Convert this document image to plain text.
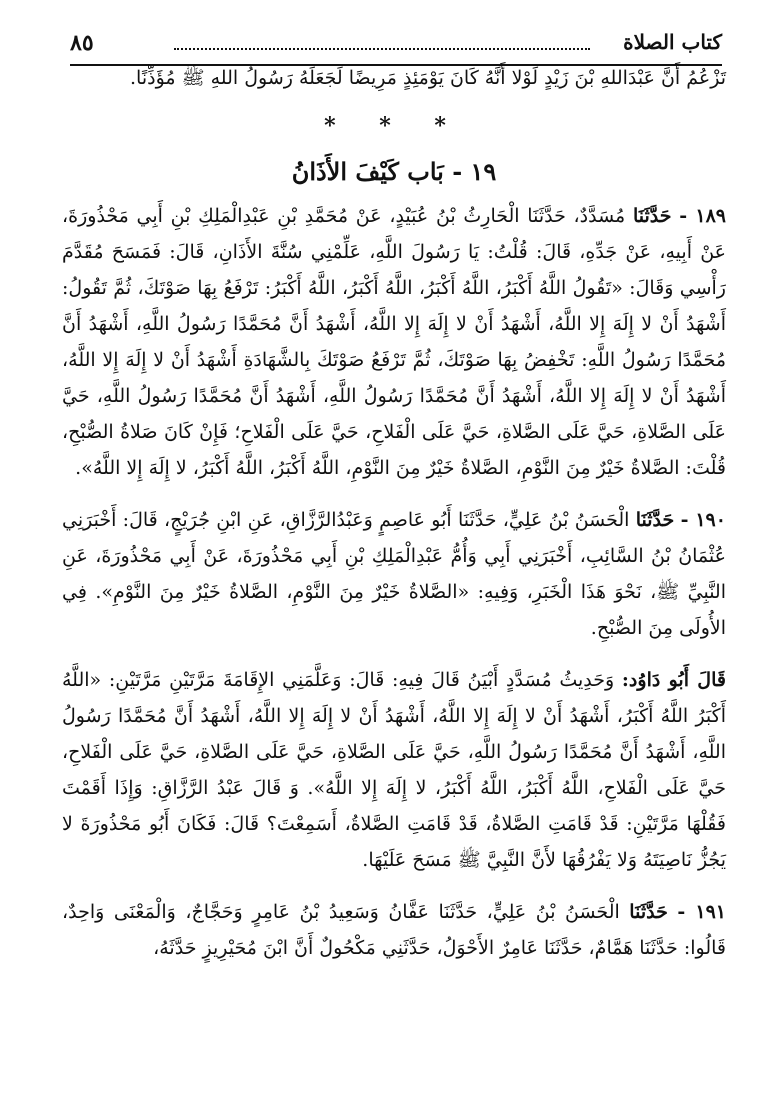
كتاب الصلاة
٨٥

تَزْعُمُ أَنَّ عَبْدَاللهِ بْنَ زَيْدٍ لَوْلا أَنَّهُ كَانَ يَوْمَئِذٍ مَرِيضًا لَجَعَلَهُ رَسُولُ اللهِ ﷺ مُؤَذِّنًا.

* * *
١٩ - بَاب كَيْفَ الأَذَانُ

١٨٩ - حَدَّثَنَا مُسَدَّدٌ، حَدَّثَنَا الْحَارِثُ بْنُ عُبَيْدٍ، عَنْ مُحَمَّدِ بْنِ عَبْدِالْمَلِكِ بْنِ أَبِي مَحْذُورَةَ، عَنْ أَبِيهِ، عَنْ جَدِّهِ، قَالَ: قُلْتُ: يَا رَسُولَ اللَّهِ، عَلِّمْنِي سُنَّةَ الأَذَانِ، قَالَ: فَمَسَحَ مُقَدَّمَ رَأْسِي وَقَالَ: «تَقُولُ اللَّهُ أَكْبَرُ، اللَّهُ أَكْبَرُ، اللَّهُ أَكْبَرُ، اللَّهُ أَكْبَرُ: تَرْفَعُ بِهَا صَوْتَكَ، ثُمَّ تَقُولُ: أَشْهَدُ أَنْ لا إِلَهَ إِلا اللَّهُ، أَشْهَدُ أَنْ لا إِلَهَ إِلا اللَّهُ، أَشْهَدُ أَنَّ مُحَمَّدًا رَسُولُ اللَّهِ، أَشْهَدُ أَنَّ مُحَمَّدًا رَسُولُ اللَّهِ: تَخْفِضُ بِهَا صَوْتَكَ، ثُمَّ تَرْفَعُ صَوْتَكَ بِالشَّهَادَةِ أَشْهَدُ أَنْ لا إِلَهَ إِلا اللَّهُ، أَشْهَدُ أَنْ لا إِلَهَ إِلا اللَّهُ، أَشْهَدُ أَنَّ مُحَمَّدًا رَسُولُ اللَّهِ، أَشْهَدُ أَنَّ مُحَمَّدًا رَسُولُ اللَّهِ، حَيَّ عَلَى الصَّلاةِ، حَيَّ عَلَى الصَّلاةِ، حَيَّ عَلَى الْفَلاحِ، حَيَّ عَلَى الْفَلاحِ؛ فَإِنْ كَانَ صَلاةُ الصُّبْحِ، قُلْتَ: الصَّلاةُ خَيْرٌ مِنَ النَّوْمِ، الصَّلاةُ خَيْرٌ مِنَ النَّوْمِ، اللَّهُ أَكْبَرُ، اللَّهُ أَكْبَرُ، لا إِلَهَ إِلا اللَّهُ».

١٩٠ - حَدَّثَنَا الْحَسَنُ بْنُ عَلِيٍّ، حَدَّثَنَا أَبُو عَاصِمٍ وَعَبْدُالرَّزَّاقِ، عَنِ ابْنِ جُرَيْجٍ، قَالَ: أَخْبَرَنِي عُثْمَانُ بْنُ السَّائِبِ، أَخْبَرَنِي أَبِي وَأُمُّ عَبْدِالْمَلِكِ بْنِ أَبِي مَحْذُورَةَ، عَنْ أَبِي مَحْذُورَةَ، عَنِ النَّبِيِّ ﷺ، نَحْوَ هَذَا الْخَبَرِ، وَفِيهِ: «الصَّلاةُ خَيْرٌ مِنَ النَّوْمِ، الصَّلاةُ خَيْرٌ مِنَ النَّوْمِ». فِي الأُولَى مِنَ الصُّبْحِ.

قَالَ أَبُو دَاوُد: وَحَدِيثُ مُسَدَّدٍ أَبْيَنُ قَالَ فِيهِ: قَالَ: وَعَلَّمَنِي الإِقَامَةَ مَرَّتَيْنِ مَرَّتَيْنِ: «اللَّهُ أَكْبَرُ اللَّهُ أَكْبَرُ، أَشْهَدُ أَنْ لا إِلَهَ إِلا اللَّهُ، أَشْهَدُ أَنْ لا إِلَهَ إِلا اللَّهُ، أَشْهَدُ أَنَّ مُحَمَّدًا رَسُولُ اللَّهِ، أَشْهَدُ أَنَّ مُحَمَّدًا رَسُولُ اللَّهِ، حَيَّ عَلَى الصَّلاةِ، حَيَّ عَلَى الصَّلاةِ، حَيَّ عَلَى الْفَلاحِ، حَيَّ عَلَى الْفَلاحِ، اللَّهُ أَكْبَرُ، اللَّهُ أَكْبَرُ، لا إِلَهَ إِلا اللَّهُ». وَ قَالَ عَبْدُ الرَّزَّاقِ: وَإِذَا أَقَمْتَ فَقُلْهَا مَرَّتَيْنِ: قَدْ قَامَتِ الصَّلاةُ، قَدْ قَامَتِ الصَّلاةُ، أَسَمِعْتَ؟ قَالَ: فَكَانَ أَبُو مَحْذُورَةَ لا يَجُزُّ نَاصِيَتَهُ وَلا يَفْرُقُهَا لأَنَّ النَّبِيَّ ﷺ مَسَحَ عَلَيْهَا.

١٩١ - حَدَّثَنَا الْحَسَنُ بْنُ عَلِيٍّ، حَدَّثَنَا عَفَّانُ وَسَعِيدُ بْنُ عَامِرٍ وَحَجَّاجٌ، وَالْمَعْنَى وَاحِدٌ، قَالُوا: حَدَّثَنَا هَمَّامٌ، حَدَّثَنَا عَامِرٌ الأَحْوَلُ، حَدَّثَنِي مَكْحُولٌ أَنَّ ابْنَ مُحَيْرِيزٍ حَدَّثَهُ،
